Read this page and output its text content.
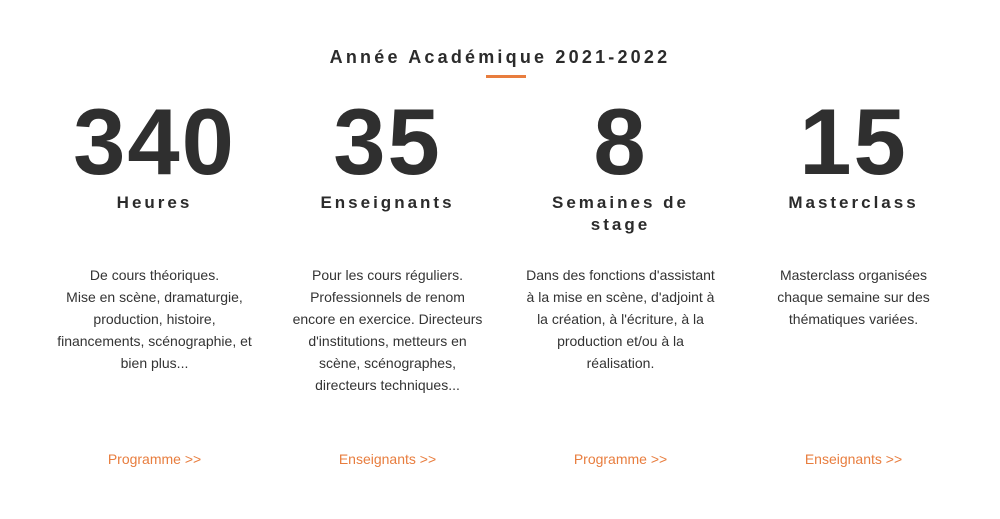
Année Académique 2021-2022
340
Heures
De cours théoriques.
Mise en scène, dramaturgie,
production, histoire,
financements, scénographie, et
bien plus...
Programme >>
35
Enseignants
Pour les cours réguliers.
Professionnels de renom
encore en exercice. Directeurs
d'institutions, metteurs en
scène, scénographes,
directeurs techniques...
Enseignants >>
8
Semaines de stage
Dans des fonctions d'assistant
à la mise en scène, d'adjoint à
la création, à l'écriture, à la
production et/ou à la
réalisation.
Programme >>
15
Masterclass
Masterclass organisées
chaque semaine sur des
thématiques variées.
Enseignants >>
